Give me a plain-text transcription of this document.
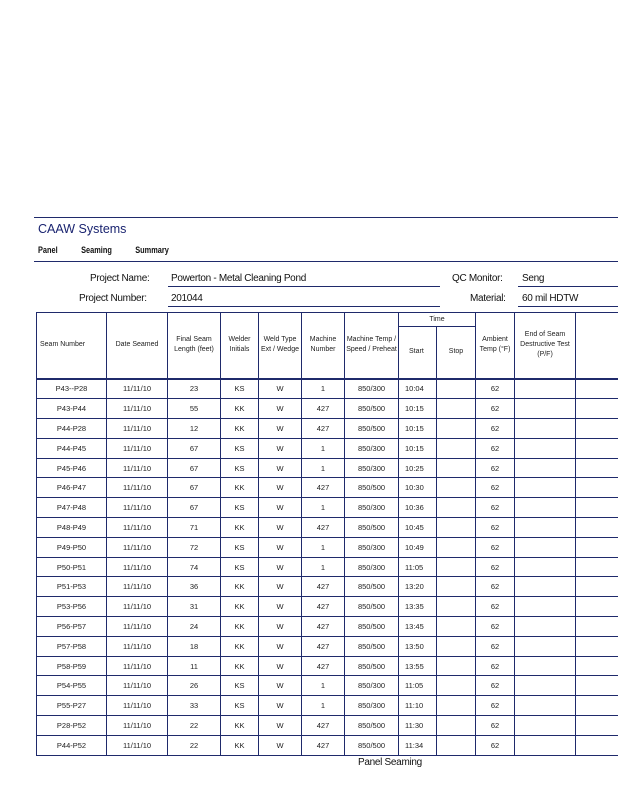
CAAW Systems
Panel	Seaming	Summary
Project Name: Powerton - Metal Cleaning Pond	QC Monitor: Seng
Project Number: 201044	Material: 60 mil HDTW
Seam Number	Date Seamed	Final Seam Length (feet)	Welder Initials	Weld Type Ext / Wedge	Machine Number	Machine Temp / Speed / Preheat	Time		Ambient Temp (°F)	End of Seam Destructive Test (P/F)	
							Start	Stop			
P43--P28	11/11/10	23	KS	W	1	850/300	10:04		62		
P43-P44	11/11/10	55	KK	W	427	850/500	10:15		62		
P44-P28	11/11/10	12	KK	W	427	850/500	10:15		62		
P44-P45	11/11/10	67	KS	W	1	850/300	10:15		62		
P45-P46	11/11/10	67	KS	W	1	850/300	10:25		62		
P46-P47	11/11/10	67	KK	W	427	850/500	10:30		62		
P47-P48	11/11/10	67	KS	W	1	850/300	10:36		62		
P48-P49	11/11/10	71	KK	W	427	850/500	10:45		62		
P49-P50	11/11/10	72	KS	W	1	850/300	10:49		62		
P50-P51	11/11/10	74	KS	W	1	850/300	11:05		62		
P51-P53	11/11/10	36	KK	W	427	850/500	13:20		62		
P53-P56	11/11/10	31	KK	W	427	850/500	13:35		62		
P56-P57	11/11/10	24	KK	W	427	850/500	13:45		62		
P57-P58	11/11/10	18	KK	W	427	850/500	13:50		62		
P58-P59	11/11/10	11	KK	W	427	850/500	13:55		62		
P54-P55	11/11/10	26	KS	W	1	850/300	11:05		62		
P55-P27	11/11/10	33	KS	W	1	850/300	11:10		62		
P28-P52	11/11/10	22	KK	W	427	850/500	11:30		62		
P44-P52	11/11/10	22	KK	W	427	850/500	11:34		62		
Panel Seaming
